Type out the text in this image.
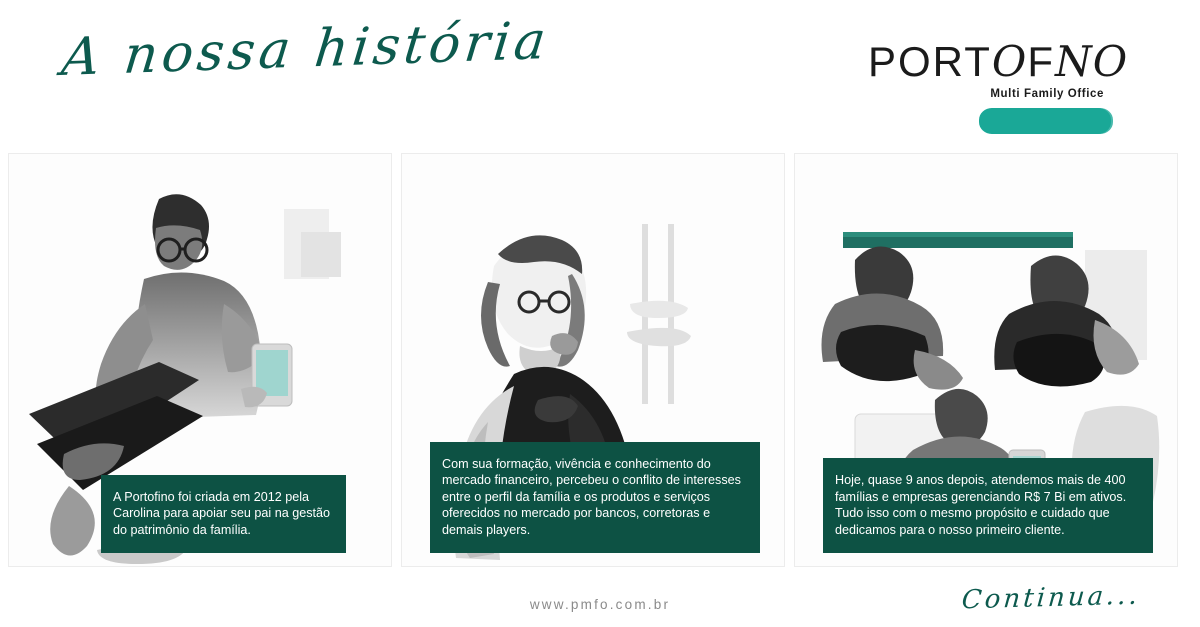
A nossa história	PORTOFNO
Multi Family Office
A Portofino foi criada em 2012 pela Carolina para apoiar seu pai na gestão do patrimônio da família.
Com sua formação, vivência e conhecimento do mercado financeiro, percebeu o conflito de interesses entre o perfil da família e os produtos e serviços oferecidos no mercado por bancos, corretoras e demais players.
Hoje, quase 9 anos depois, atendemos mais de 400 famílias e empresas gerenciando R$ 7 Bi em ativos. Tudo isso com o mesmo propósito e cuidado que dedicamos para o nosso primeiro cliente.
www.pmfo.com.br	Continua...
